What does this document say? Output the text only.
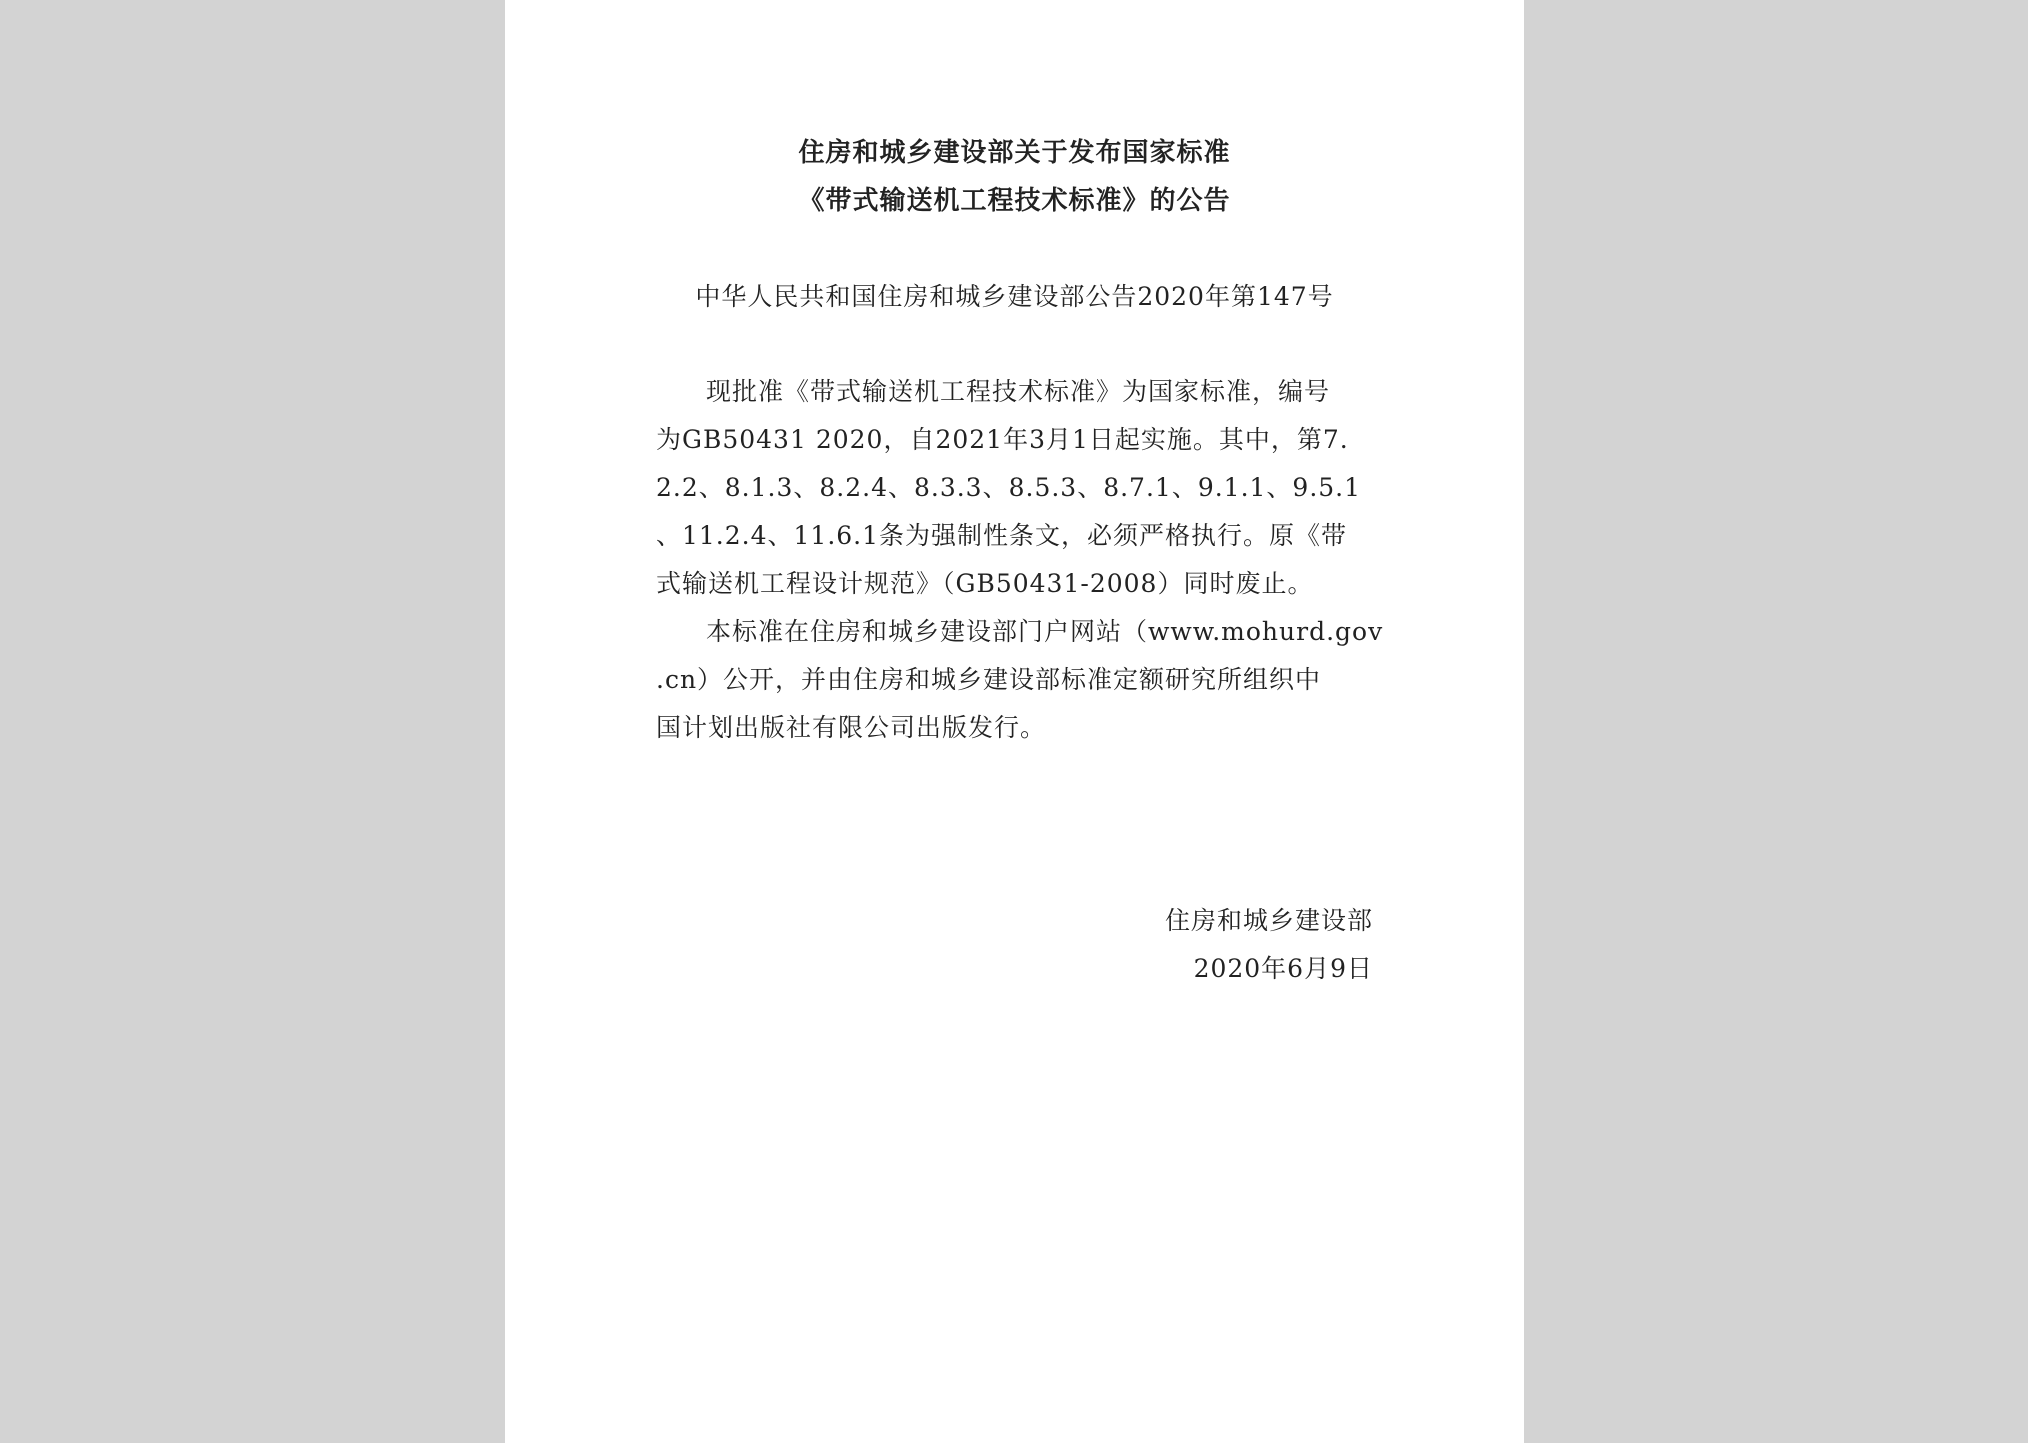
住房和城乡建设部关于发布国家标准
《带式输送机工程技术标准》的公告
中华人民共和国住房和城乡建设部公告2020年第147号
现批准《带式输送机工程技术标准》为国家标准，编号
为GB50431 2020，自2021年3月1日起实施。其中，第7.
2.2、8.1.3、8.2.4、8.3.3、8.5.3、8.7.1、9.1.1、9.5.1
、11.2.4、11.6.1条为强制性条文，必须严格执行。原《带
式输送机工程设计规范》（GB50431-2008）同时废止。
本标准在住房和城乡建设部门户网站（www.mohurd.gov
.cn）公开，并由住房和城乡建设部标准定额研究所组织中
国计划出版社有限公司出版发行。
住房和城乡建设部
2020年6月9日
